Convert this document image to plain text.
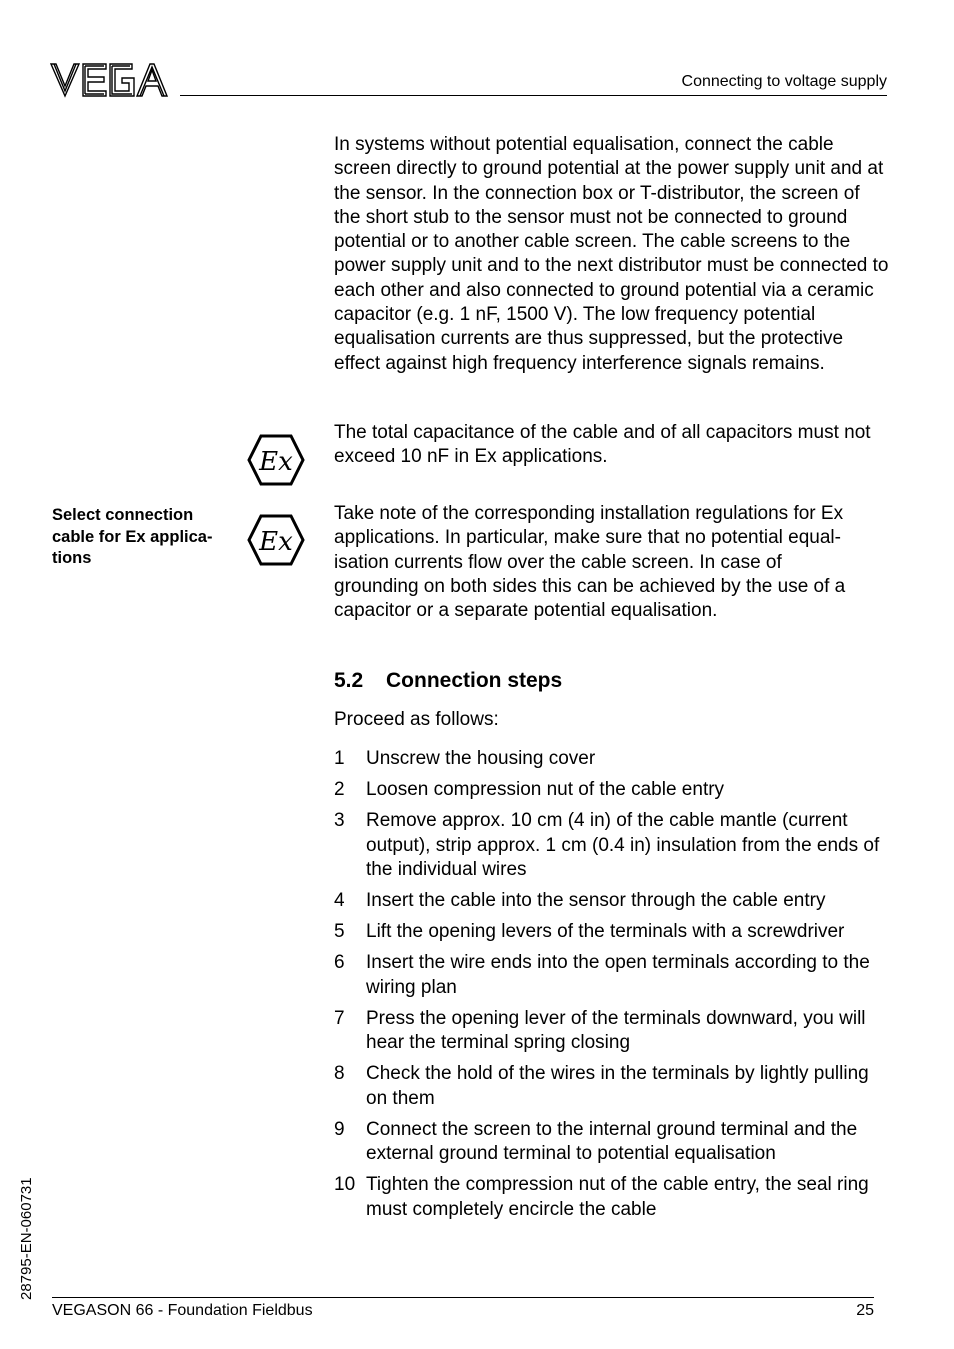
Connecting to voltage supply
In systems without potential equalisation, connect the cable screen directly to ground potential at the power supply unit and at the sensor. In the connection box or T-distributor, the screen of the short stub to the sensor must not be connected to ground potential or to another cable screen. The cable screens to the power supply unit and to the next distributor must be connected to each other and also connected to ground potential via a ceramic capacitor (e.g. 1 nF, 1500 V). The low frequency potential equalisation currents are thus suppressed, but the protective effect against high frequency interference signals remains.
Ex
The total capacitance of the cable and of all capacitors must not exceed 10 nF in Ex applications.
Select connection
cable for Ex applica-
tions
Ex
Take note of the corresponding installation regulations for Ex
applications. In particular, make sure that no potential equal-
isation currents flow over the cable screen. In case of
grounding on both sides this can be achieved by the use of a
capacitor or a separate potential equalisation.
5.2 Connection steps
Proceed as follows:
1	Unscrew the housing cover
2	Loosen compression nut of the cable entry
3	Remove approx. 10 cm (4 in) of the cable mantle (current output), strip approx. 1 cm (0.4 in) insulation from the ends of the individual wires
4	Insert the cable into the sensor through the cable entry
5	Lift the opening levers of the terminals with a screwdriver
6	Insert the wire ends into the open terminals according to the wiring plan
7	Press the opening lever of the terminals downward, you will hear the terminal spring closing
8	Check the hold of the wires in the terminals by lightly pulling on them
9	Connect the screen to the internal ground terminal and the external ground terminal to potential equalisation
10 Tighten the compression nut of the cable entry, the seal ring must completely encircle the cable
28795-EN-060731
VEGASON 66 - Foundation Fieldbus	25
